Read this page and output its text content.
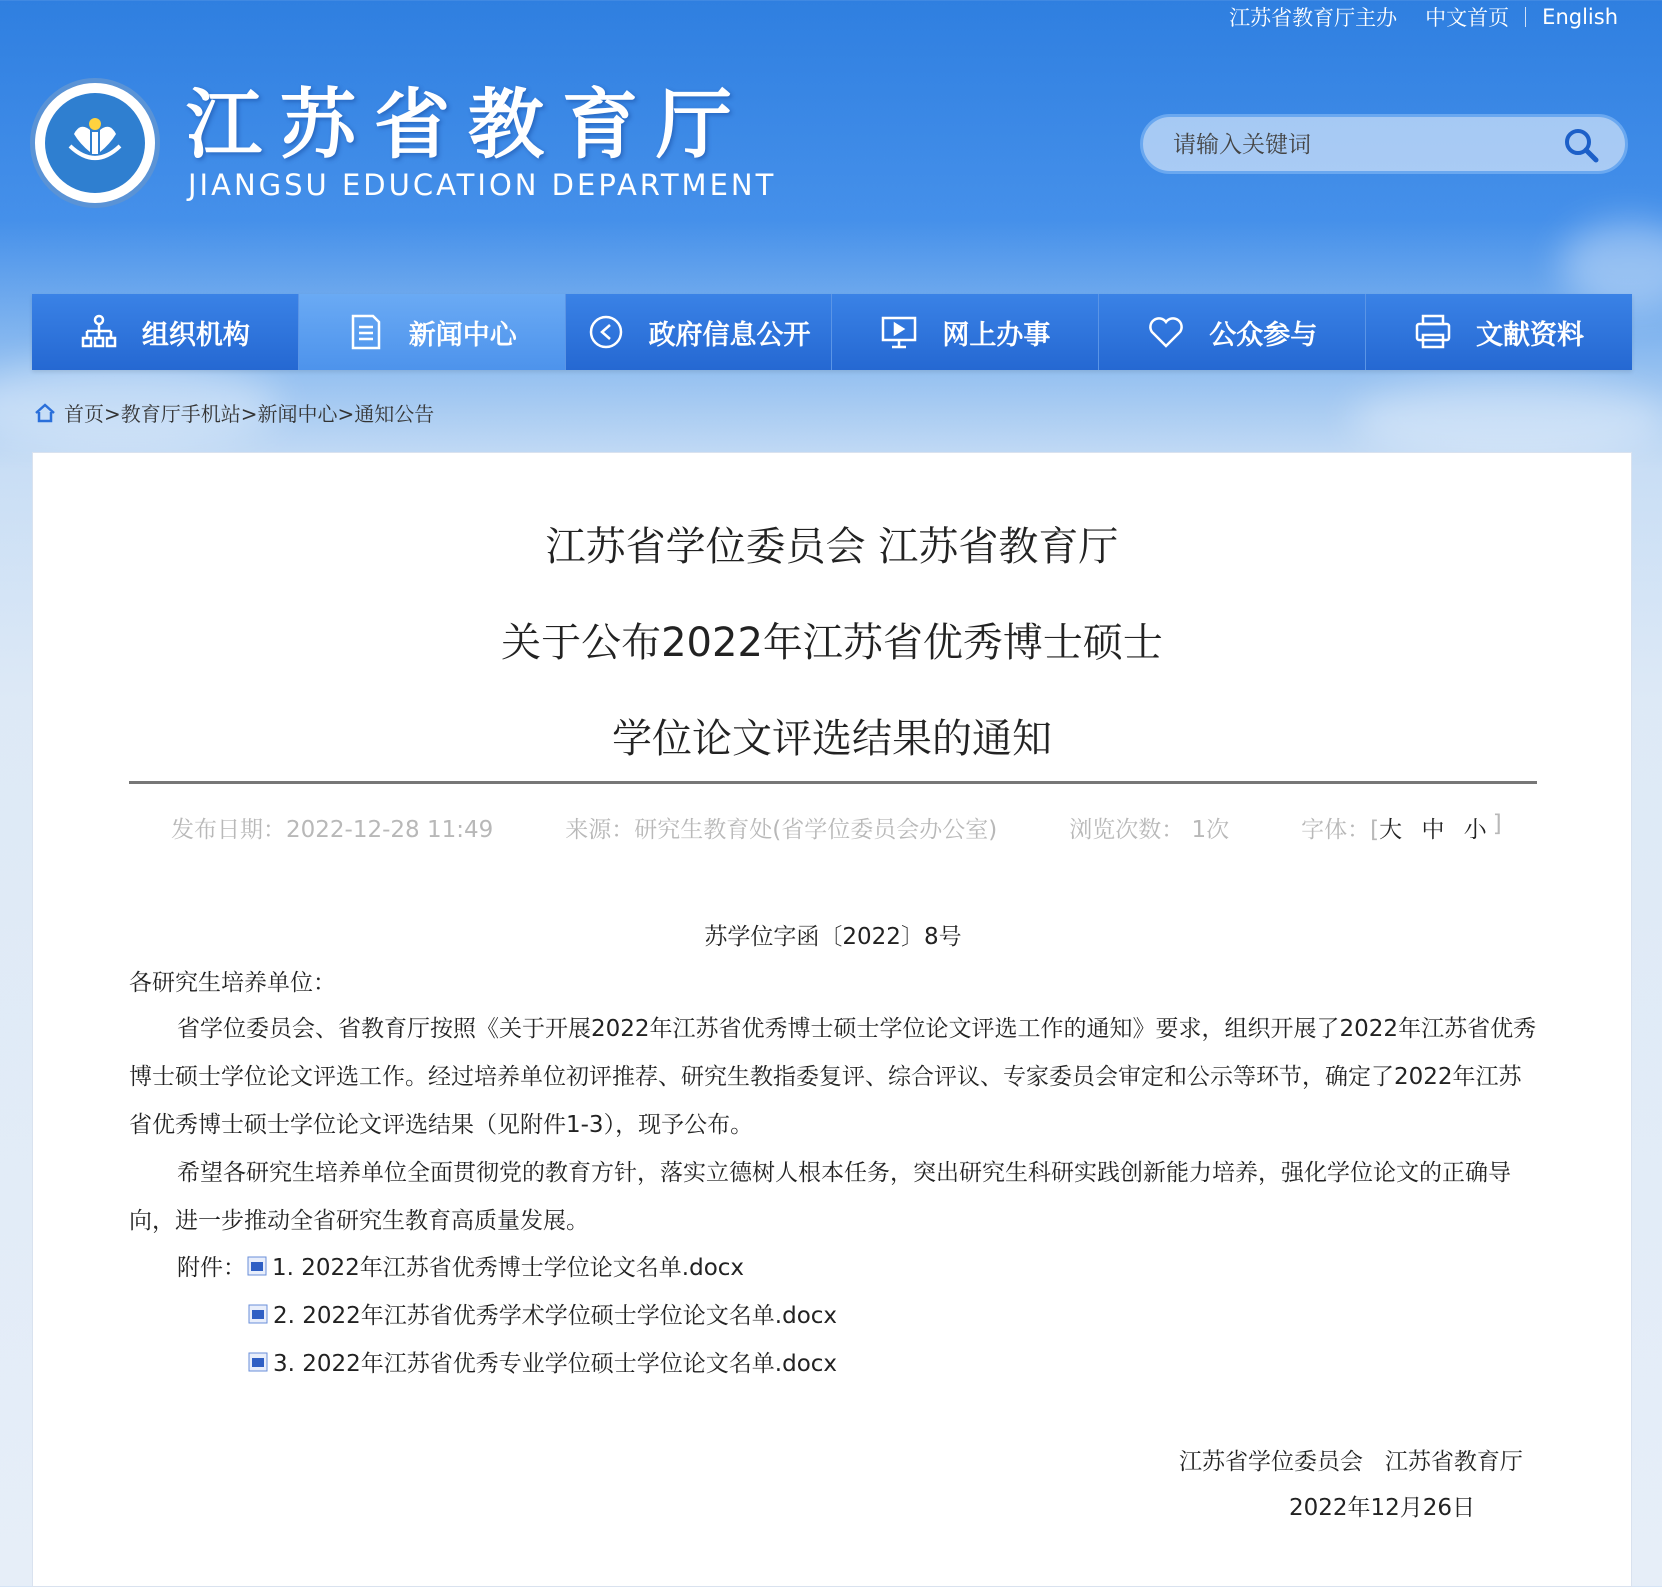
江苏省教育厅主办 中文首页 English
江苏省教育厅
JIANGSU EDUCATION DEPARTMENT
请输入关键词
组织机构	新闻中心	政府信息公开	网上办事	公众参与	文献资料
首页> 教育厅手机站> 新闻中心> 通知公告
江苏省学位委员会 江苏省教育厅
关于公布2022年江苏省优秀博士硕士
学位论文评选结果的通知
发布日期：2022-12-28 11:49	来源：研究生教育处(省学位委员会办公室)	浏览次数： 1次	字体：[ 大 中 小 ]
苏学位字函〔2022〕8号
各研究生培养单位：

省学位委员会、省教育厅按照《关于开展2022年江苏省优秀博士硕士学位论文评选工作的通知》要求，组织开展了2022年江苏省优秀博士硕士学位论文评选工作。经过培养单位初评推荐、研究生教指委复评、综合评议、专家委员会审定和公示等环节，确定了2022年江苏省优秀博士硕士学位论文评选结果（见附件1-3），现予公布。

希望各研究生培养单位全面贯彻党的教育方针，落实立德树人根本任务，突出研究生科研实践创新能力培养，强化学位论文的正确导向，进一步推动全省研究生教育高质量发展。

附件： 1. 2022年江苏省优秀博士学位论文名单.docx
2. 2022年江苏省优秀学术学位硕士学位论文名单.docx
3. 2022年江苏省优秀专业学位硕士学位论文名单.docx
江苏省学位委员会   江苏省教育厅
2022年12月26日
